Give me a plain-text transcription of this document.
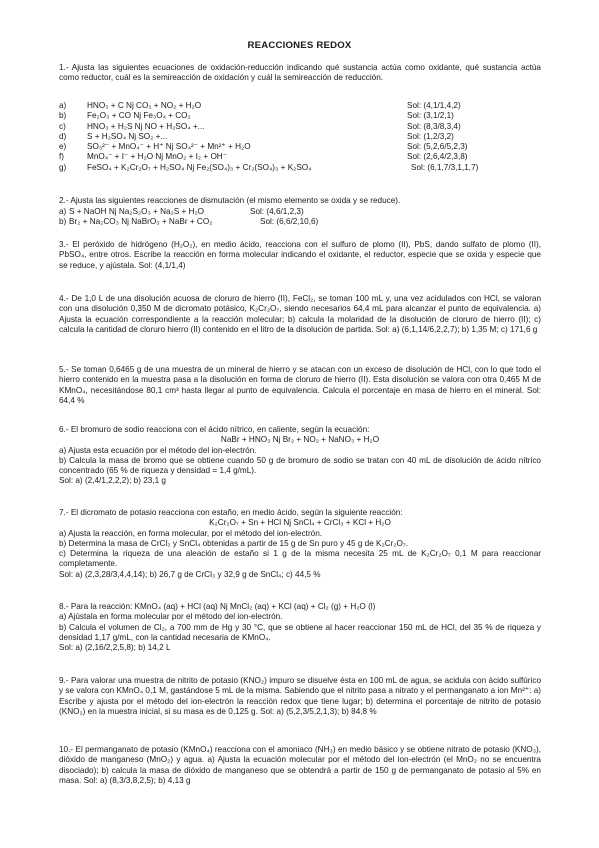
REACCIONES REDOX

1.- Ajusta las siguientes ecuaciones de oxidación-reducción indicando qué sustancia actúa como oxidante, qué sustancia actúa como reductor, cuál es la semireacción de oxidación y cuál la semireacción de reducción.

a)	HNO₃ + C Nj CO₂ + NO₂ + H₂O	Sol: (4,1/1,4,2)
b)	Fe₂O₃ + CO Nj Fe₃O₄ + CO₂	Sol: (3,1/2,1)
c)	HNO₃ + H₂S Nj NO + H₂SO₄ +...	Sol: (8,3/8,3,4)
d)	S + H₂SO₄ Nj SO₂ +...	Sol: (1,2/3,2)
e)	SO₃²⁻ + MnO₄⁻ + H⁺ Nj SO₄²⁻ + Mn²⁺ + H₂O	Sol: (5,2,6/5,2,3)
f)	MnO₄⁻ + I⁻ + H₂O Nj MnO₂ + I₂ + OH⁻	Sol: (2,6,4/2,3,8)
g)	FeSO₄ + K₂Cr₂O₇ + H₂SO₄ Nj Fe₂(SO₄)₃ + Cr₂(SO₄)₃ + K₂SO₄	Sol: (6,1,7/3,1,1,7)

2.- Ajusta las siguientes reacciones de dismutación (el mismo elemento se oxida y se reduce).

a) S + NaOH Nj Na₂S₂O₃ + Na₂S + H₂O	Sol: (4,6/1,2,3)
b) Br₂ + Na₂CO₃ Nj NaBrO₃ + NaBr + CO₂	Sol: (6,6/2,10,6)

3.- El peróxido de hidrógeno (H₂O₂), en medio ácido, reacciona con el sulfuro de plomo (II), PbS, dando sulfato de plomo (II), PbSO₄, entre otros. Escribe la reacción en forma molecular indicando el oxidante, el reductor, especie que se oxida y especie que se reduce, y ajústala. Sol: (4,1/1,4)

4.- De 1,0 L de una disolución acuosa de cloruro de hierro (II), FeCl₂, se toman 100 mL y, una vez acidulados con HCl, se valoran con una disolución 0,350 M de dicromato potásico, K₂Cr₂O₇, siendo necesarios 64,4 mL para alcanzar el punto de equivalencia. a) Ajusta la ecuación correspondiente a la reacción molecular; b) calcula la molaridad de la disolución de cloruro de hierro (II); c) calcula la cantidad de cloruro hierro (II) contenido en el litro de la disolución de partida. Sol: a) (6,1,14/6,2,2,7); b) 1,35 M; c) 171,6 g

5.- Se toman 0,6465 g de una muestra de un mineral de hierro y se atacan con un exceso de disolución de HCl, con lo que todo el hierro contenido en la muestra pasa a la disolución en forma de cloruro de hierro (II). Esta disolución se valora con otra 0,465 M de KMnO₄, necesitándose 80,1 cm³ hasta llegar al punto de equivalencia. Calcula el porcentaje en masa de hierro en el mineral. Sol: 64,4 %

6.- El bromuro de sodio reacciona con el ácido nítrico, en caliente, según la ecuación:

NaBr + HNO₃ Nj Br₂ + NO₂ + NaNO₃ + H₂O

a) Ajusta esta ecuación por el método del ion-electrón.

b) Calcula la masa de bromo que se obtiene cuando 50 g de bromuro de sodio se tratan con 40 mL de disolución de ácido nítrico concentrado (65 % de riqueza y densidad = 1,4 g/mL).

Sol: a) (2,4/1,2,2,2); b) 23,1 g

7.- El dicromato de potasio reacciona con estaño, en medio ácido, según la siguiente reacción:

K₂Cr₂O₇ + Sn + HCl Nj SnCl₄ + CrCl₃ + KCl + H₂O

a) Ajusta la reacción, en forma molecular, por el método del ion-electrón.

b) Determina la masa de CrCl₃ y SnCl₄ obtenidas a partir de 15 g de Sn puro y 45 g de K₂Cr₂O₇.

c) Determina la riqueza de una aleación de estaño si 1 g de la misma necesita 25 mL de K₂Cr₂O₇ 0,1 M para reaccionar completamente.

Sol: a) (2,3,28/3,4,4,14); b) 26,7 g de CrCl₃ y 32,9 g de SnCl₄; c) 44,5 %

8.- Para la reacción: KMnO₄ (aq) + HCl (aq) Nj MnCl₂ (aq) + KCl (aq) + Cl₂ (g) + H₂O (l)

a) Ajústala en forma molecular por el método del ion-electrón.

b) Calcula el volumen de Cl₂, a 700 mm de Hg y 30 °C, que se obtiene al hacer reaccionar 150 mL de HCl, del 35 % de riqueza y densidad 1,17 g/mL, con la cantidad necesaria de KMnO₄.

Sol: a) (2,16/2,2,5,8); b) 14,2 L

9.- Para valorar una muestra de nitrito de potasio (KNO₂) impuro se disuelve ésta en 100 mL de agua, se acidula con ácido sulfúrico y se valora con KMnO₄ 0,1 M, gastándose 5 mL de la misma. Sabiendo que el nitrito pasa a nitrato y el permanganato a ion Mn²⁺: a) Escribe y ajusta por el método del ion-electrón la reacción redox que tiene lugar; b) determina el porcentaje de nitrito de potasio (KNO₂) en la muestra inicial, si su masa es de 0,125 g. Sol: a) (5,2,3/5,2,1,3); b) 84,8 %

10.- El permanganato de potasio (KMnO₄) reacciona con el amoniaco (NH₃) en medio básico y se obtiene nitrato de potasio (KNO₃), dióxido de manganeso (MnO₂) y agua. a) Ajusta la ecuación molecular por el método del ion-electrón (el MnO₂ no se encuentra disociado); b) calcula la masa de dióxido de manganeso que se obtendrá a partir de 150 g de permanganato de potasio al 5% en masa. Sol: a) (8,3/3,8,2,5); b) 4,13 g
